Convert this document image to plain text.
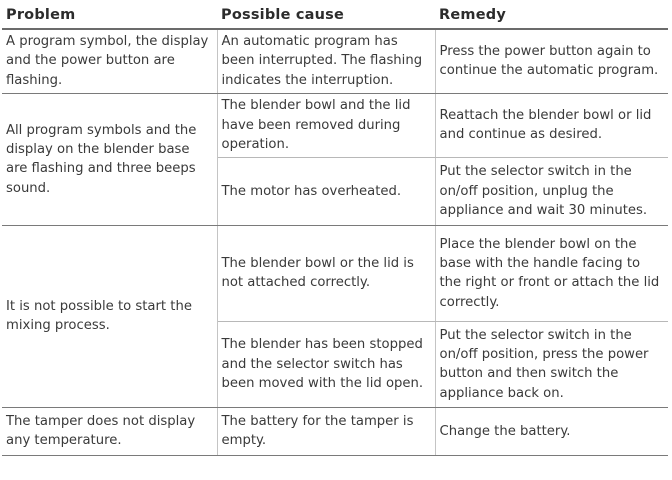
Problem	Possible cause	Remedy
A program symbol, the display and the power button are flashing.	An automatic program has been interrupted. The flashing indicates the interruption.	Press the power button again to continue the automatic program.
All program symbols and the display on the blender base are flashing and three beeps sound.	The blender bowl and the lid have been removed during operation.	Reattach the blender bowl or lid and continue as desired.
	The motor has overheated.	Put the selector switch in the on/off position, unplug the appliance and wait 30 minutes.
It is not possible to start the mixing process.	The blender bowl or the lid is not attached correctly.	Place the blender bowl on the base with the handle facing to the right or front or attach the lid correctly.
	The blender has been stopped and the selector switch has been moved with the lid open.	Put the selector switch in the on/off position, press the power button and then switch the appliance back on.
The tamper does not display any temperature.	The battery for the tamper is empty.	Change the battery.
